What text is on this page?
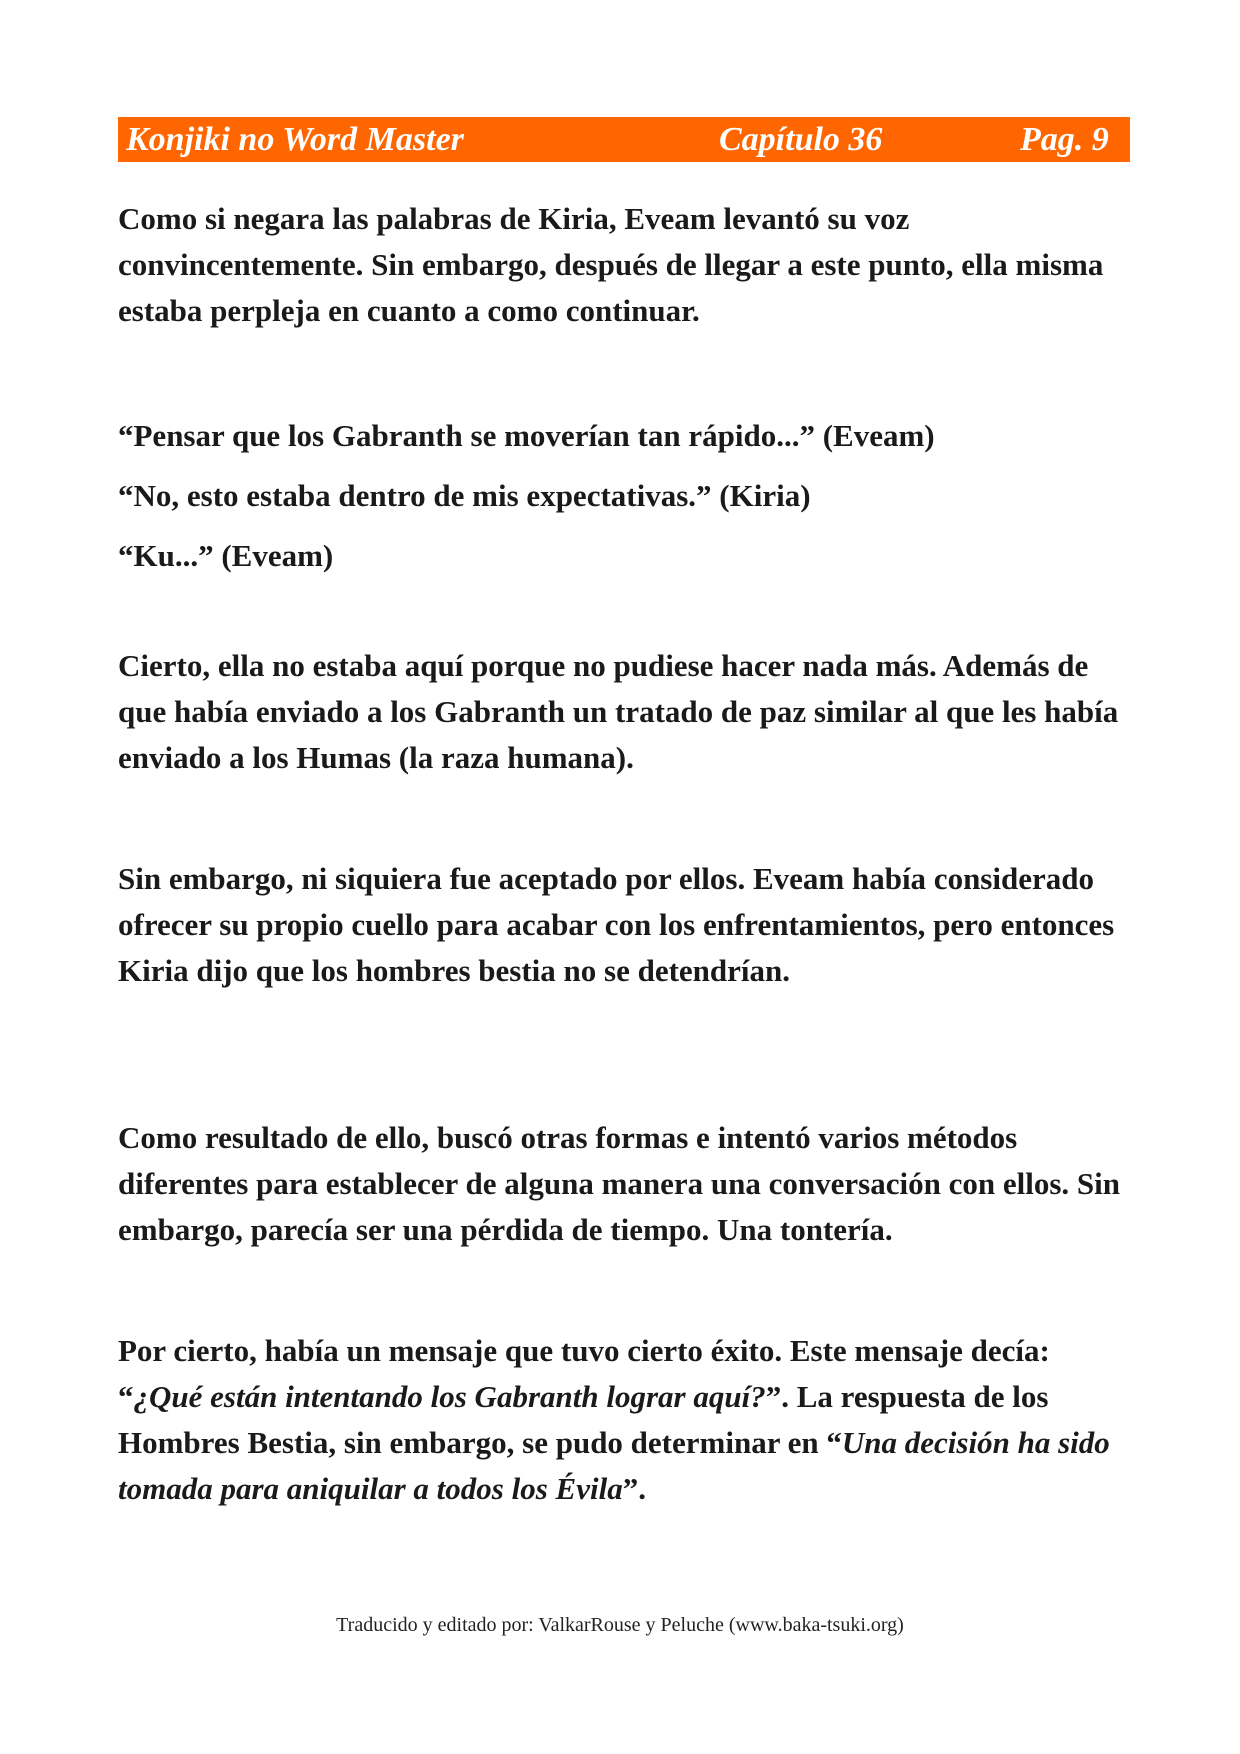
Konjiki no Word Master	Capítulo 36	Pag. 9

Como si negara las palabras de Kiria, Eveam levantó su voz convincentemente. Sin embargo, después de llegar a este punto, ella misma estaba perpleja en cuanto a como continuar.

“Pensar que los Gabranth se moverían tan rápido...” (Eveam)

“No, esto estaba dentro de mis expectativas.” (Kiria)

“Ku...” (Eveam)

Cierto, ella no estaba aquí porque no pudiese hacer nada más. Además de que había enviado a los Gabranth un tratado de paz similar al que les había enviado a los Humas (la raza humana).

Sin embargo, ni siquiera fue aceptado por ellos. Eveam había considerado ofrecer su propio cuello para acabar con los enfrentamientos, pero entonces Kiria dijo que los hombres bestia no se detendrían.

Como resultado de ello, buscó otras formas e intentó varios métodos diferentes para establecer de alguna manera una conversación con ellos. Sin embargo, parecía ser una pérdida de tiempo. Una tontería.

Por cierto, había un mensaje que tuvo cierto éxito. Este mensaje decía: “¿Qué están intentando los Gabranth lograr aquí?”. La respuesta de los Hombres Bestia, sin embargo, se pudo determinar en “Una decisión ha sido tomada para aniquilar a todos los Évila”.

Traducido y editado por: ValkarRouse y Peluche (www.baka-tsuki.org)
